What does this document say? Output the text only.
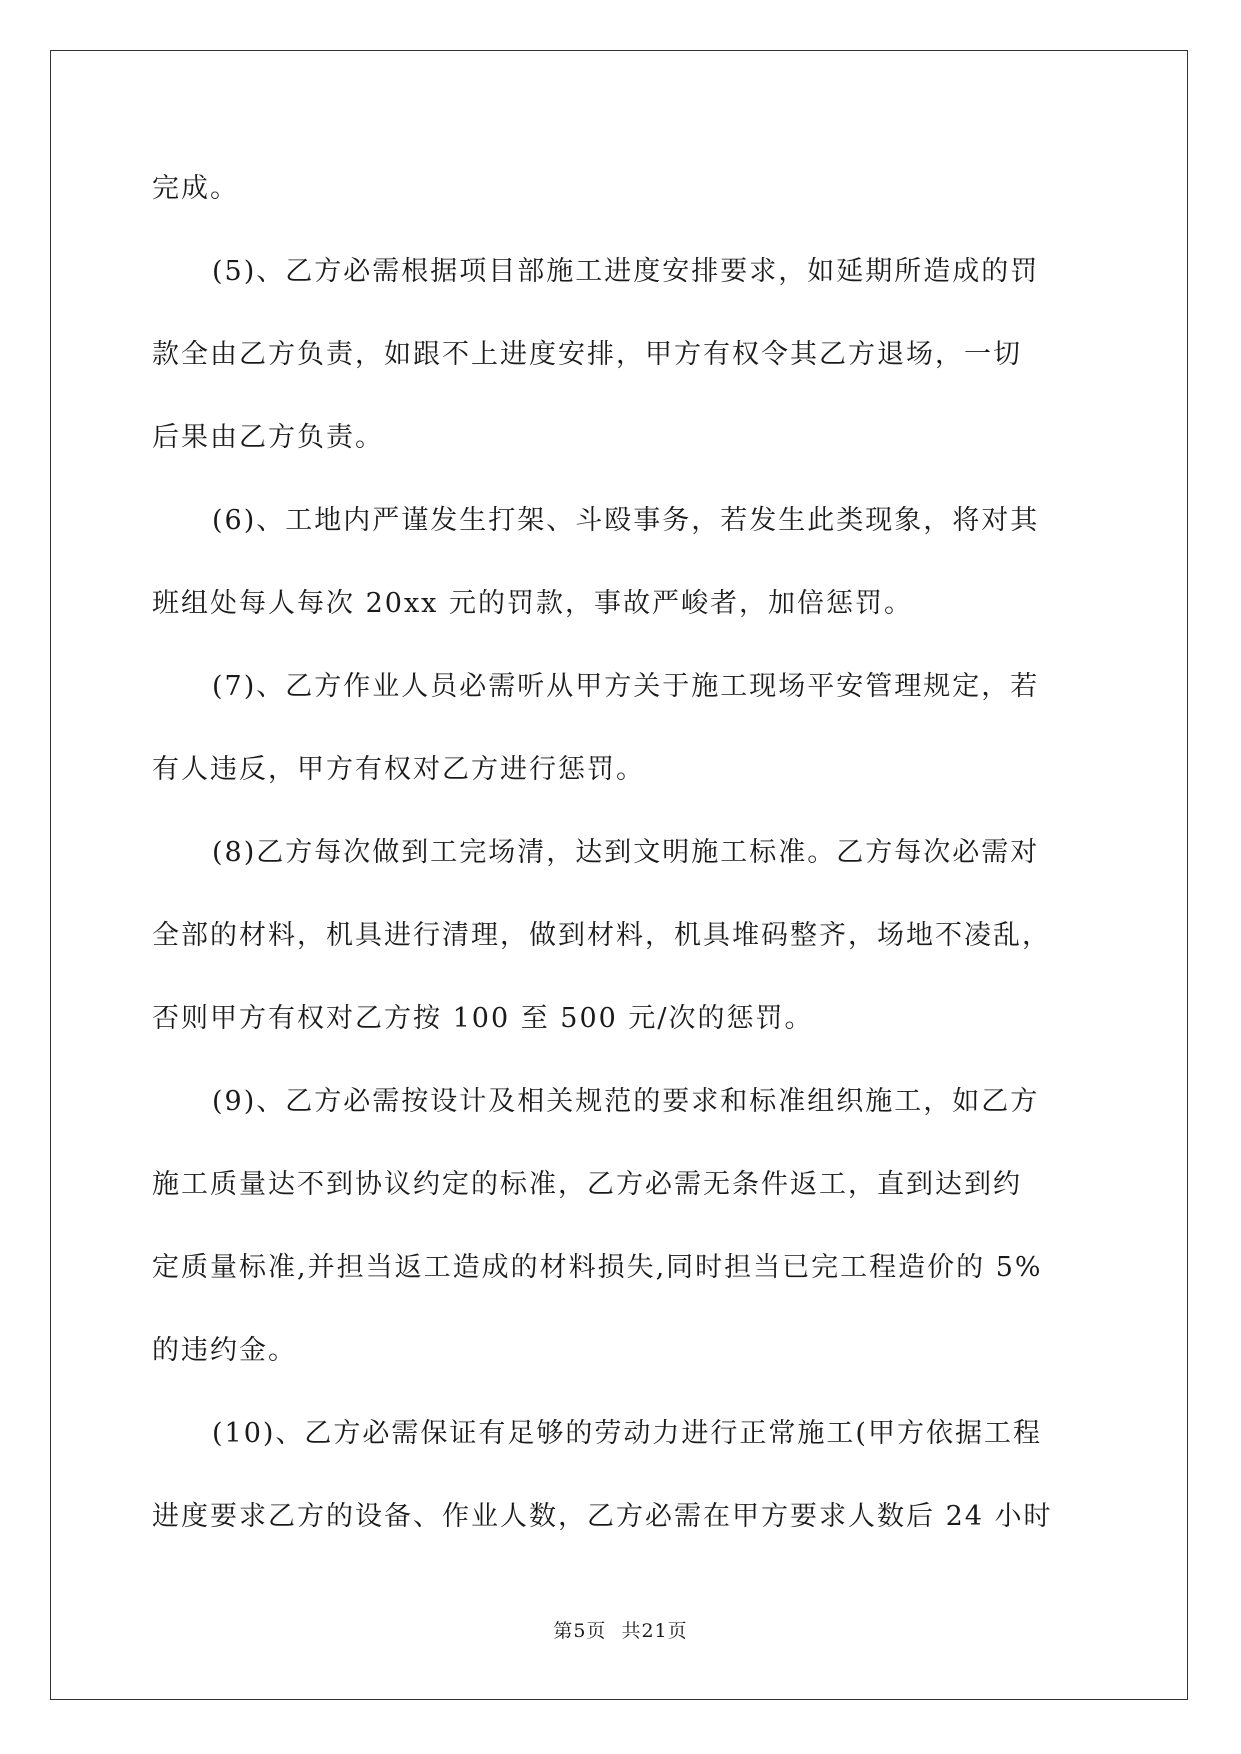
完成。
(5)、乙方必需根据项目部施工进度安排要求，如延期所造成的罚
款全由乙方负责，如跟不上进度安排，甲方有权令其乙方退场，一切
后果由乙方负责。
(6)、工地内严谨发生打架、斗殴事务，若发生此类现象，将对其
班组处每人每次 20xx 元的罚款，事故严峻者，加倍惩罚。
(7)、乙方作业人员必需听从甲方关于施工现场平安管理规定，若
有人违反，甲方有权对乙方进行惩罚。
(8)乙方每次做到工完场清，达到文明施工标准。乙方每次必需对
全部的材料，机具进行清理，做到材料，机具堆码整齐，场地不凌乱，
否则甲方有权对乙方按 100 至 500 元/次的惩罚。
(9)、乙方必需按设计及相关规范的要求和标准组织施工，如乙方
施工质量达不到协议约定的标准，乙方必需无条件返工，直到达到约
定质量标准,并担当返工造成的材料损失,同时担当已完工程造价的 5%
的违约金。
(10)、乙方必需保证有足够的劳动力进行正常施工(甲方依据工程
进度要求乙方的设备、作业人数，乙方必需在甲方要求人数后 24 小时
第5页 共21页
